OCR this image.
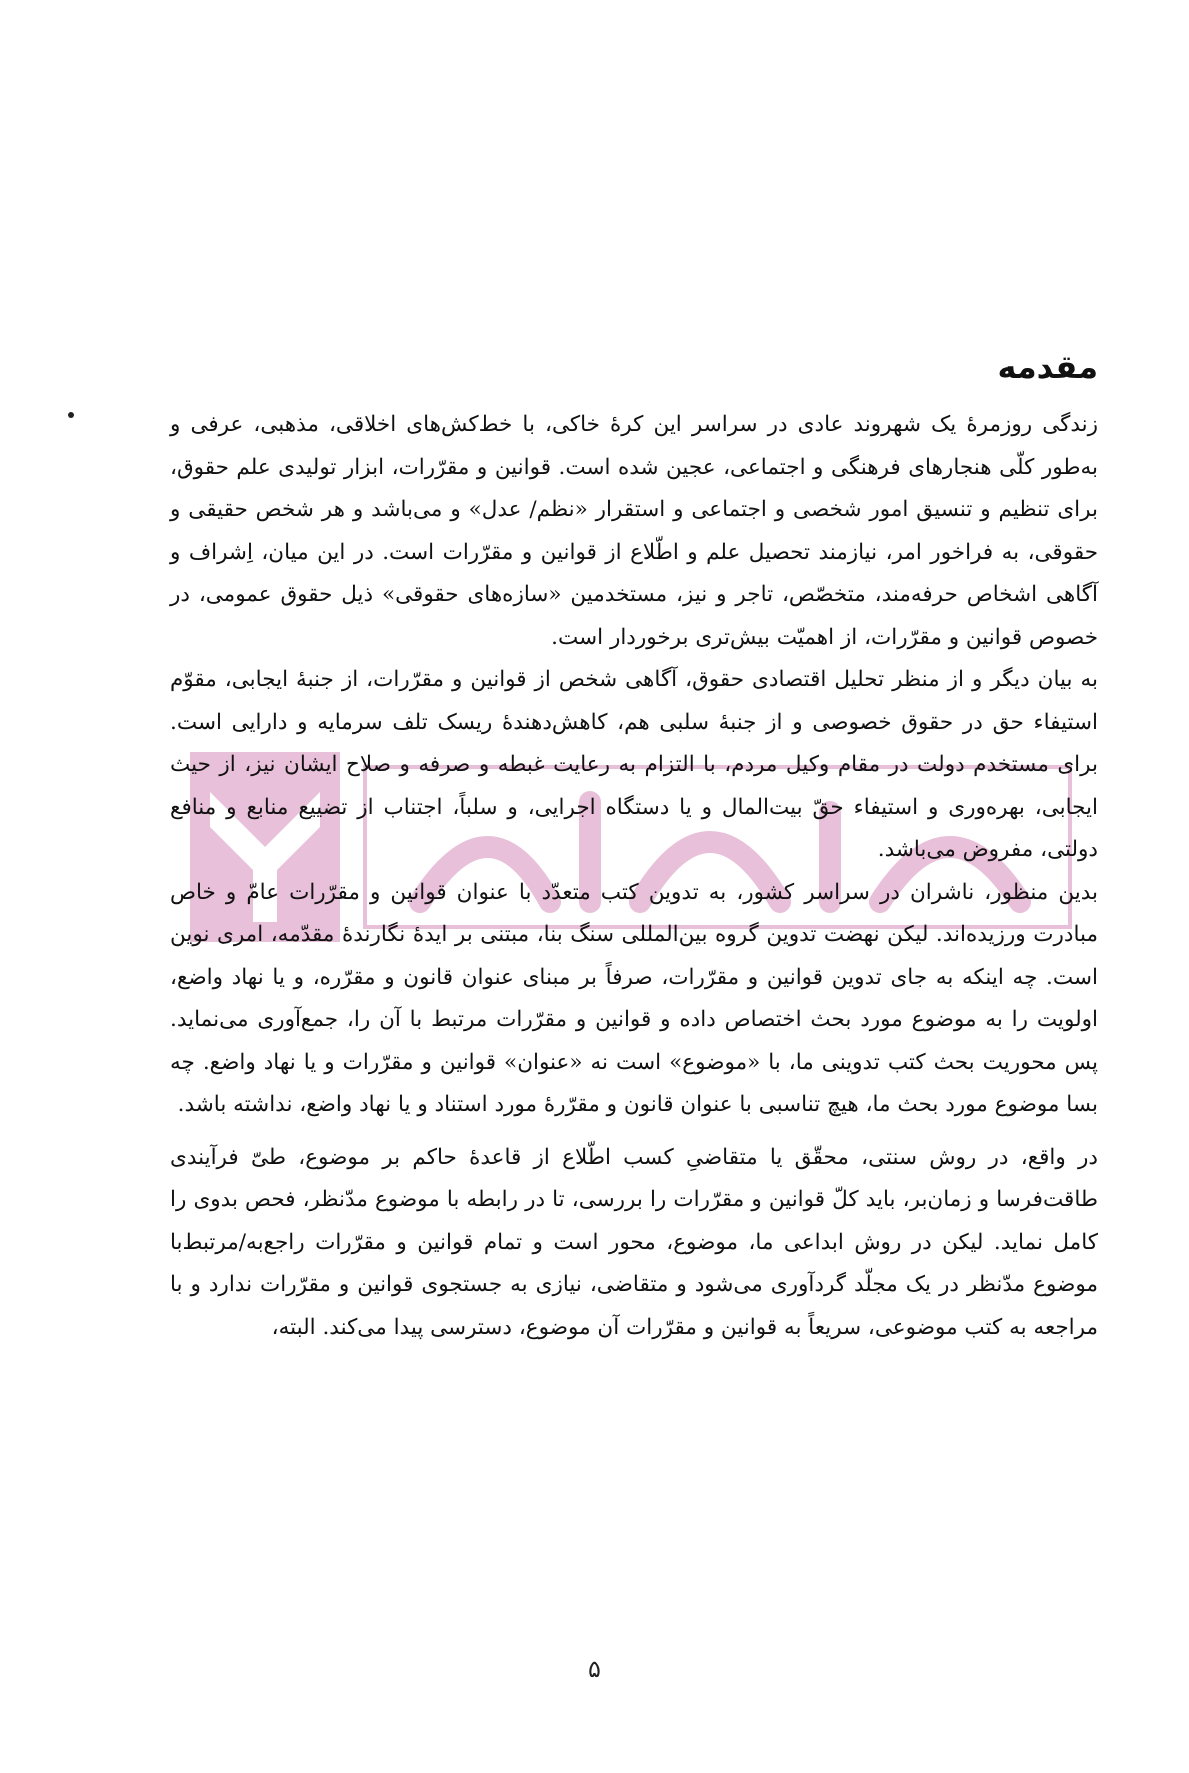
مقدمه

زندگی روزمرۀ یک شهروند عادی در سراسر این کرۀ خاکی، با خط‌کش‌های اخلاقی، مذهبی، عرفی و به‌طور کلّی هنجارهای فرهنگی و اجتماعی، عجین شده است. قوانین و مقرّرات، ابزار تولیدی علم حقوق، برای تنظیم و تنسیق امور شخصی و اجتماعی و استقرار «نظم/ عدل» و می‌باشد و هر شخص حقیقی و حقوقی، به فراخور امر، نیازمند تحصیل علم و اطّلاع از قوانین و مقرّرات است. در این میان، اِشراف و آگاهی اشخاص حرفه‌مند، متخصّص، تاجر و نیز، مستخدمین «سازه‌های حقوقی» ذیل حقوق عمومی، در خصوص قوانین و مقرّرات، از اهمیّت بیش‌تری برخوردار است.

به بیان دیگر و از منظر تحلیل اقتصادی حقوق، آگاهی شخص از قوانین و مقرّرات، از جنبۀ ایجابی، مقوّم استیفاء حق در حقوق خصوصی و از جنبۀ سلبی هم، کاهش‌دهندۀ ریسک تلف سرمایه و دارایی است. برای مستخدم دولت در مقام وکیل مردم، با التزام به رعایت غبطه و صرفه و صلاح ایشان نیز، از حیث ایجابی، بهره‌وری و استیفاء حقّ بیت‌المال و یا دستگاه اجرایی، و سلباً، اجتناب از تضییع منابع و منافع دولتی، مفروض می‌باشد.

بدین منظور، ناشران در سراسر کشور، به تدوین کتب متعدّد با عنوان قوانین و مقرّرات عامّ و خاص مبادرت ورزیده‌اند. لیکن نهضت تدوین گروه بین‌المللی سنگ بنا، مبتنی بر ایدۀ نگارندۀ مقدّمه، امری نوین است. چه اینکه به جای تدوین قوانین و مقرّرات، صرفاً بر مبنای عنوان قانون و مقرّره، و یا نهاد واضع، اولویت را به موضوع مورد بحث اختصاص داده و قوانین و مقرّرات مرتبط با آن را، جمع‌آوری می‌نماید. پس محوریت بحث کتب تدوینی ما، با «موضوع» است نه «عنوان» قوانین و مقرّرات و یا نهاد واضع. چه بسا موضوع مورد بحث ما، هیچ تناسبی با عنوان قانون و مقرّرۀ مورد استناد و یا نهاد واضع، نداشته باشد.

در واقع، در روش سنتی، محقّق یا متقاضیِ کسب اطّلاع از قاعدۀ حاکم بر موضوع، طیّ فرآیندی طاقت‌فرسا و زمان‌بر، باید کلّ قوانین و مقرّرات را بررسی، تا در رابطه با موضوع مدّنظر، فحص بدوی را کامل نماید. لیکن در روش ابداعی ما، موضوع، محور است و تمام قوانین و مقرّرات راجع‌به/مرتبط‌با موضوع مدّنظر در یک مجلّد گردآوری می‌شود و متقاضی، نیازی به جستجوی قوانین و مقرّرات ندارد و با مراجعه به کتب موضوعی، سریعاً به قوانین و مقرّرات آن موضوع، دسترسی پیدا می‌کند. البته،

۵
